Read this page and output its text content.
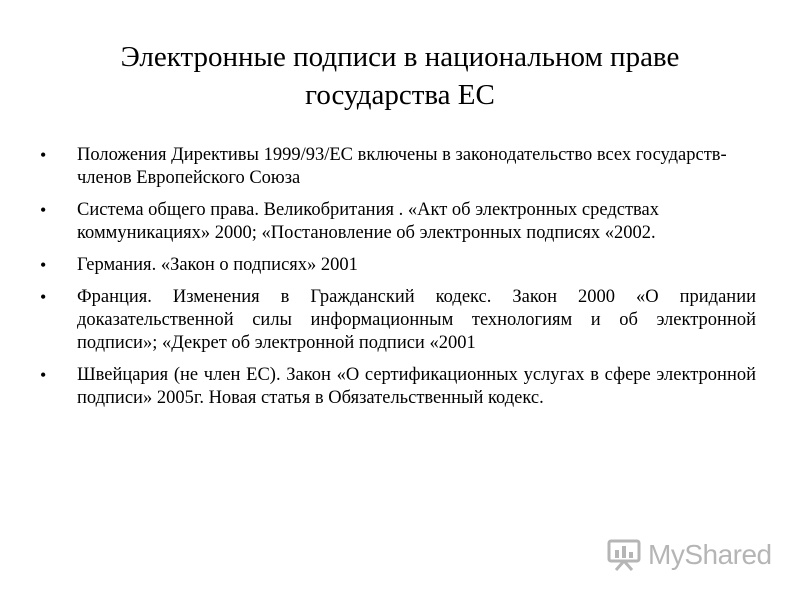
Электронные подписи в национальном праве государства ЕС
•	Положения Директивы 1999/93/ЕС включены в законодательство всех государств-членов Европейского Союза
•	Система общего права. Великобритания . «Акт об электронных средствах коммуникациях» 2000; «Постановление об электронных подписях «2002.
•	Германия. «Закон о подписях» 2001
•	Франция. Изменения в Гражданский кодекс. Закон 2000 «О придании доказательственной силы информационным технологиям и об электронной подписи»; «Декрет об электронной подписи «2001
•	Швейцария (не член ЕС). Закон «О сертификационных услугах в сфере электронной подписи» 2005г. Новая статья в Обязательственный кодекс.
MyShared
